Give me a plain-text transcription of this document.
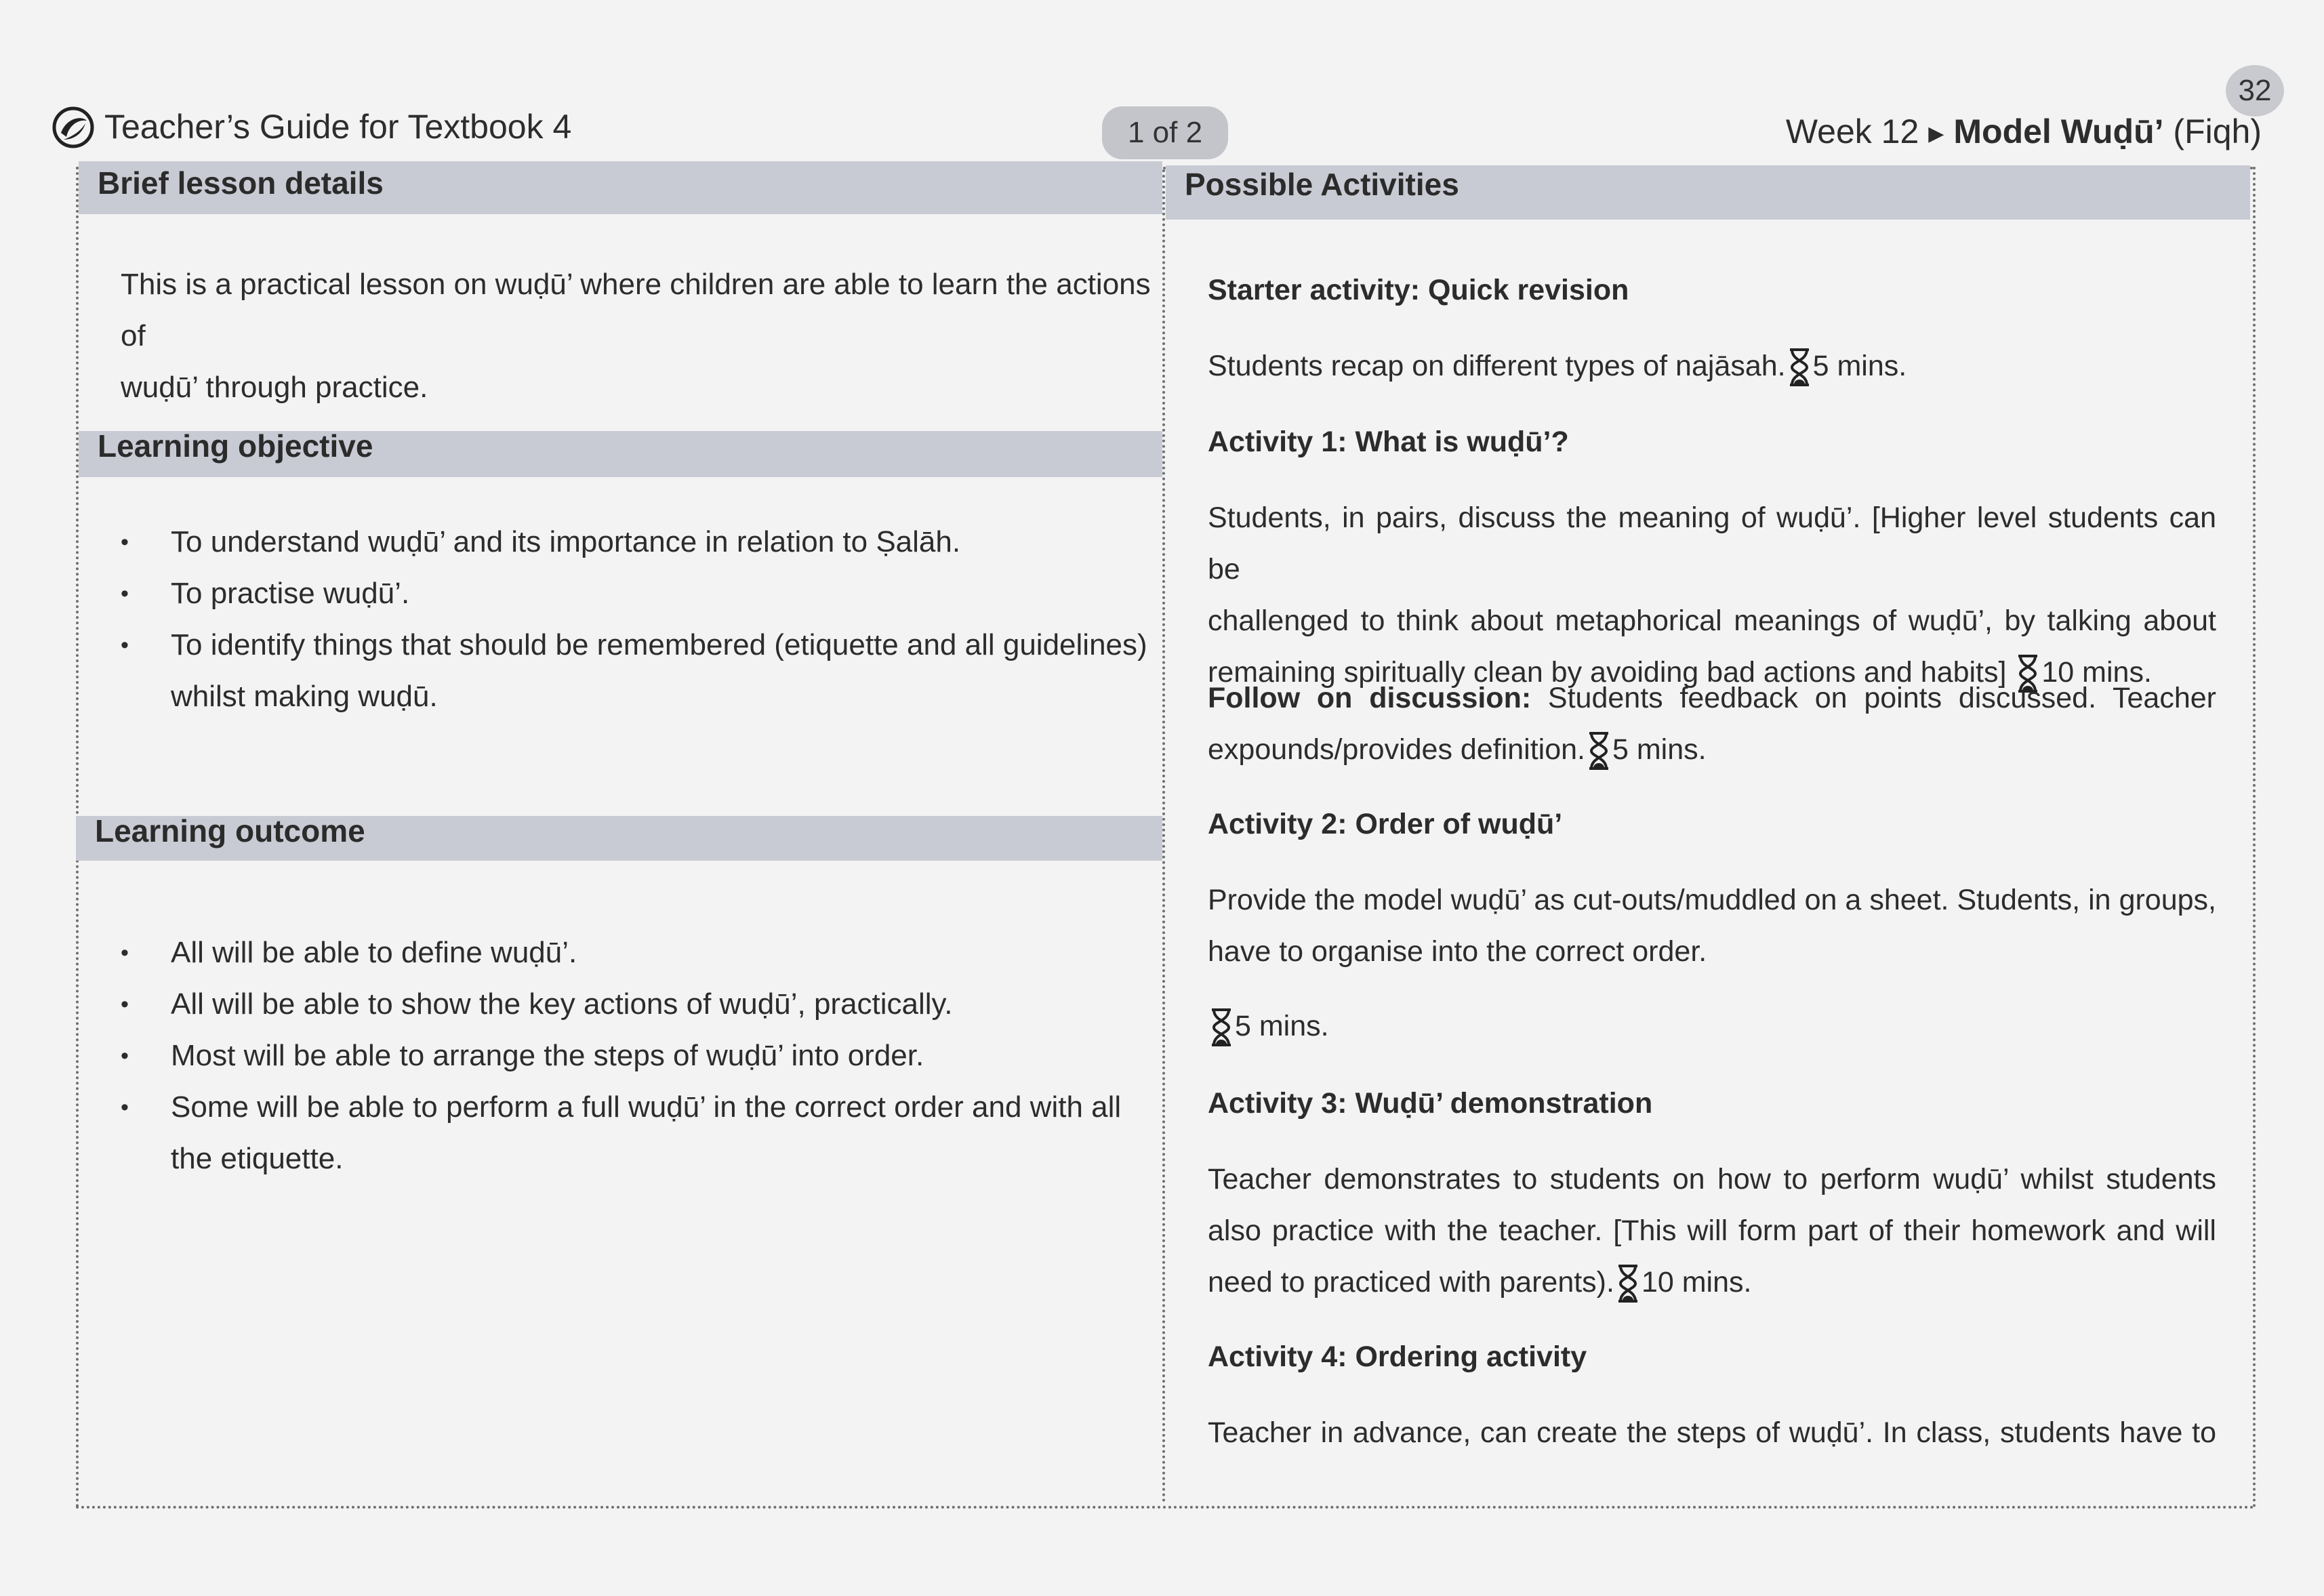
32
Teacher’s Guide for Textbook 4	1 of 2	Week 12 ▶ Model Wuḍū’ (Fiqh)
Brief lesson details
This is a practical lesson on wuḍū’ where children are able to learn the actions of
wuḍū’ through practice.
Learning objective
• To understand wuḍū’ and its importance in relation to Ṣalāh.
• To practise wuḍū’.
• To identify things that should be remembered (etiquette and all guidelines)
whilst making wuḍū.
Learning outcome
• All will be able to define wuḍū’.
• All will be able to show the key actions of wuḍū’, practically.
• Most will be able to arrange the steps of wuḍū’ into order.
• Some will be able to perform a full wuḍū’ in the correct order and with all
the etiquette.
Possible Activities
Starter activity: Quick revision
Students recap on different types of najāsah. 5 mins.
Activity 1: What is wuḍū’?
Students, in pairs, discuss the meaning of wuḍū’. [Higher level students can be
challenged to think about metaphorical meanings of wuḍū’, by talking about
remaining spiritually clean by avoiding bad actions and habits] 10 mins.
Follow on discussion: Students feedback on points discussed. Teacher
expounds/provides definition. 5 mins.
Activity 2: Order of wuḍū’
Provide the model wuḍū’ as cut-outs/muddled on a sheet. Students, in groups,
have to organise into the correct order.
5 mins.
Activity 3: Wuḍū’ demonstration
Teacher demonstrates to students on how to perform wuḍū’ whilst students
also practice with the teacher. [This will form part of their homework and will
need to practiced with parents). 10 mins.
Activity 4: Ordering activity
Teacher in advance, can create the steps of wuḍū’. In class, students have to
